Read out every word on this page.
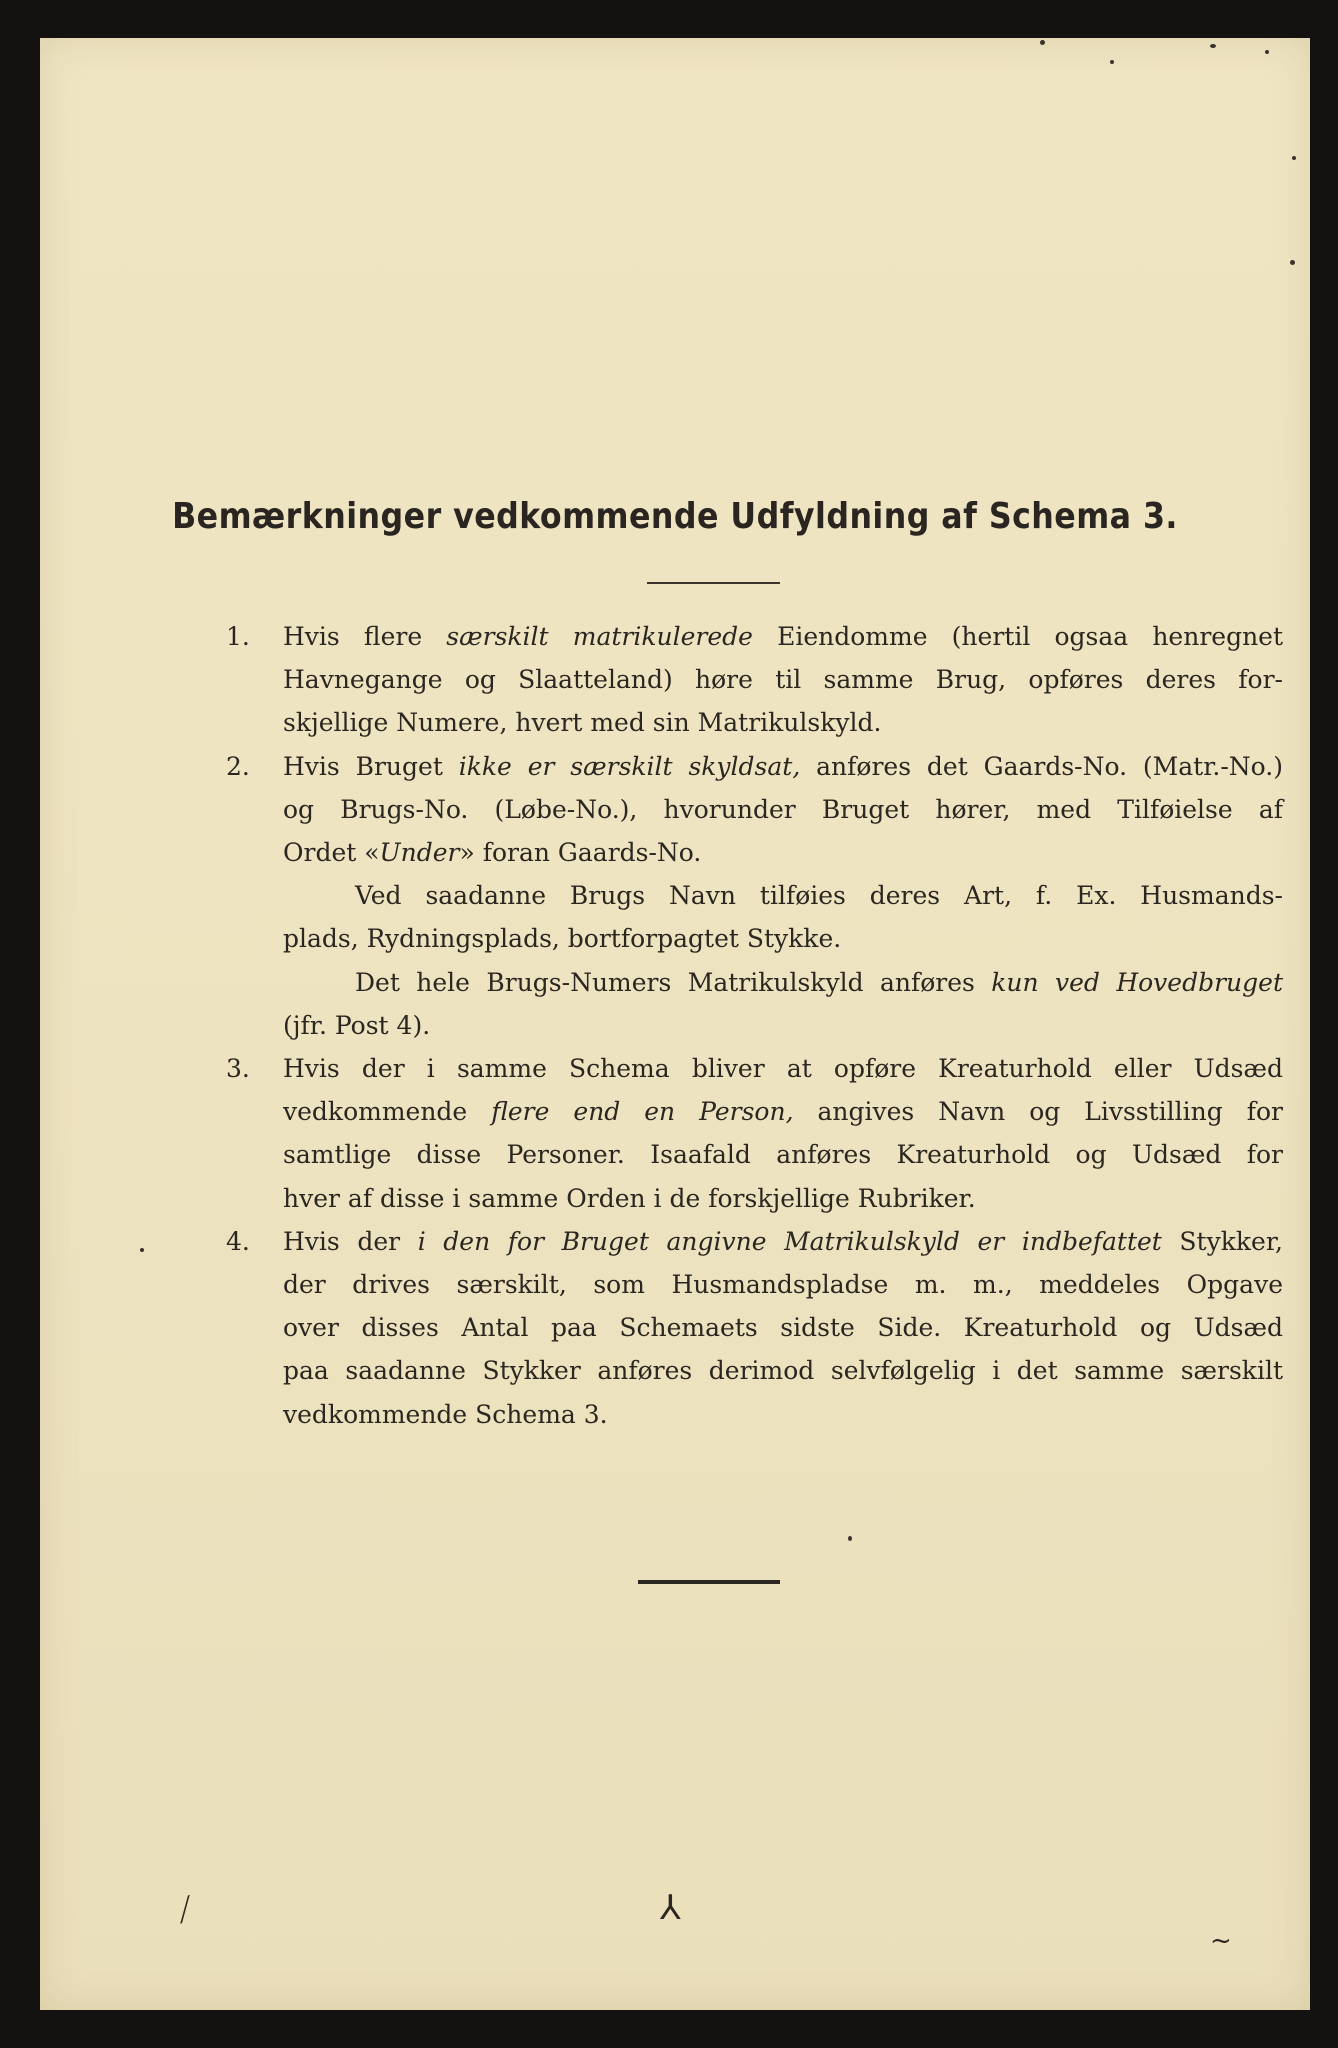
Bemærkninger vedkommende Udfyldning af Schema 3.
1. Hvis flere særskilt matrikulerede Eiendomme (hertil ogsaa henregnet
Havnegange og Slaatteland) høre til samme Brug, opføres deres for-
skjellige Numere, hvert med sin Matrikulskyld.
2. Hvis Bruget ikke er særskilt skyldsat, anføres det Gaards-No. (Matr.-No.)
og Brugs-No. (Løbe-No.), hvorunder Bruget hører, med Tilføielse af
Ordet «Under» foran Gaards-No.
Ved saadanne Brugs Navn tilføies deres Art, f. Ex. Husmands-
plads, Rydningsplads, bortforpagtet Stykke.
Det hele Brugs-Numers Matrikulskyld anføres kun ved Hovedbruget
(jfr. Post 4).
3. Hvis der i samme Schema bliver at opføre Kreaturhold eller Udsæd
vedkommende flere end en Person, angives Navn og Livsstilling for
samtlige disse Personer. Isaafald anføres Kreaturhold og Udsæd for
hver af disse i samme Orden i de forskjellige Rubriker.
4. Hvis der i den for Bruget angivne Matrikulskyld er indbefattet Stykker,
der drives særskilt, som Husmandspladse m. m., meddeles Opgave
over disses Antal paa Schemaets sidste Side. Kreaturhold og Udsæd
paa saadanne Stykker anføres derimod selvfølgelig i det samme særskilt
vedkommende Schema 3.
⟋	⅄
~
